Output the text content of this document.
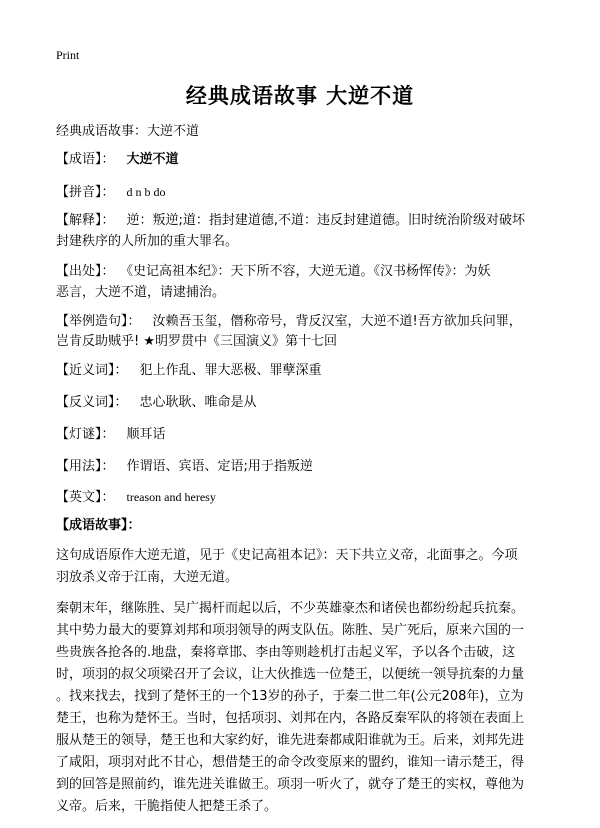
Print
经典成语故事 大逆不道
经典成语故事：大逆不道
【成语】： 大逆不道
【拼音】： d n b do
【解释】： 逆：叛逆;道：指封建道德,不道：违反封建道德。旧时统治阶级对破坏
封建秩序的人所加的重大罪名。
【出处】： 《史记高祖本纪》：天下所不容，大逆无道。《汉书杨恽传》：为妖
恶言，大逆不道，请逮捕治。
【举例造句】： 汝赖吾玉玺，僭称帝号，背反汉室，大逆不道!吾方欲加兵问罪，
岂肯反助贼乎! ★明罗贯中《三国演义》第十七回
【近义词】： 犯上作乱、罪大恶极、罪孽深重
【反义词】： 忠心耿耿、唯命是从
【灯谜】： 顺耳话
【用法】： 作谓语、宾语、定语;用于指叛逆
【英文】： treason and heresy
【成语故事】：
这句成语原作大逆无道，见于《史记高祖本记》：天下共立义帝，北面事之。今项
羽放杀义帝于江南，大逆无道。
秦朝末年，继陈胜、吴广揭杆而起以后，不少英雄豪杰和诸侯也都纷纷起兵抗秦。
其中势力最大的要算刘邦和项羽领导的两支队伍。陈胜、吴广死后，原来六国的一
些贵族各抢各的.地盘，秦将章邯、李由等则趁机打击起义军，予以各个击破，这
时，项羽的叔父项梁召开了会议，让大伙推选一位楚王，以便统一领导抗秦的力量
。找来找去，找到了楚怀王的一个13岁的孙子，于秦二世二年(公元208年)，立为
楚王，也称为楚怀王。当时，包括项羽、刘邦在内，各路反秦军队的将领在表面上
服从楚王的领导，楚王也和大家约好，谁先进秦都咸阳谁就为王。后来，刘邦先进
了咸阳，项羽对此不甘心，想借楚王的命令改变原来的盟约，谁知一请示楚王，得
到的回答是照前约，谁先进关谁做王。项羽一听火了，就夺了楚王的实权，尊他为
义帝。后来，干脆指使人把楚王杀了。
